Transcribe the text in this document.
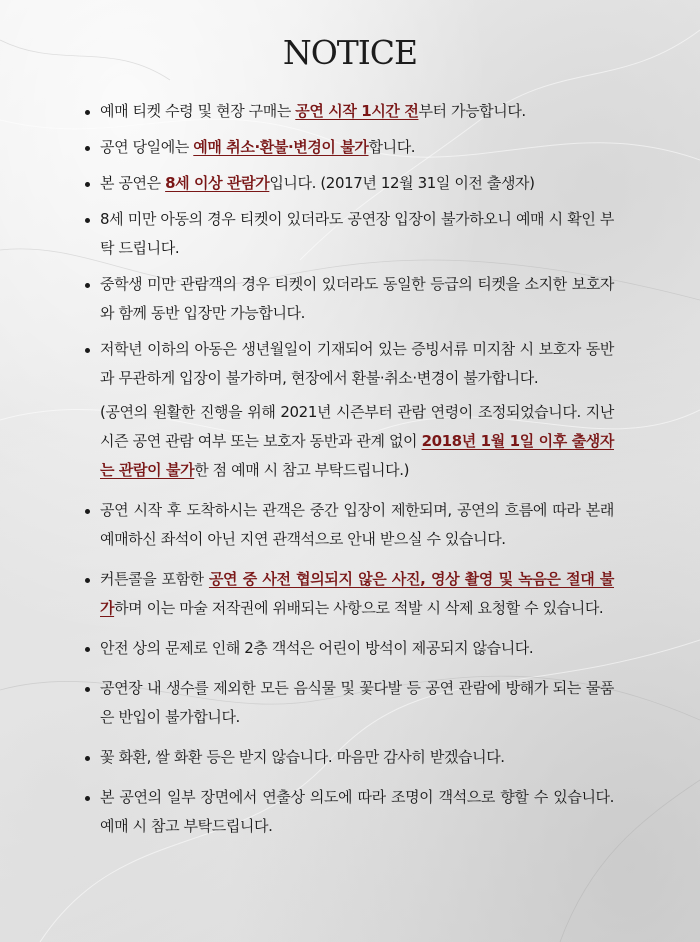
NOTICE
예매 티켓 수령 및 현장 구매는 공연 시작 1시간 전부터 가능합니다.
공연 당일에는 예매 취소·환불·변경이 불가합니다.
본 공연은 8세 이상 관람가입니다. (2017년 12월 31일 이전 출생자)
8세 미만 아동의 경우 티켓이 있더라도 공연장 입장이 불가하오니 예매 시 확인 부탁 드립니다.
중학생 미만 관람객의 경우 티켓이 있더라도 동일한 등급의 티켓을 소지한 보호자와 함께 동반 입장만 가능합니다.
저학년 이하의 아동은 생년월일이 기재되어 있는 증빙서류 미지참 시 보호자 동반과 무관하게 입장이 불가하며, 현장에서 환불·취소·변경이 불가합니다.
(공연의 원활한 진행을 위해 2021년 시즌부터 관람 연령이 조정되었습니다. 지난 시즌 공연 관람 여부 또는 보호자 동반과 관계 없이 2018년 1월 1일 이후 출생자는 관람이 불가한 점 예매 시 참고 부탁드립니다.)
공연 시작 후 도착하시는 관객은 중간 입장이 제한되며, 공연의 흐름에 따라 본래 예매하신 좌석이 아닌 지연 관객석으로 안내 받으실 수 있습니다.
커튼콜을 포함한 공연 중 사전 협의되지 않은 사진, 영상 촬영 및 녹음은 절대 불가하며 이는 마술 저작권에 위배되는 사항으로 적발 시 삭제 요청할 수 있습니다.
안전 상의 문제로 인해 2층 객석은 어린이 방석이 제공되지 않습니다.
공연장 내 생수를 제외한 모든 음식물 및 꽃다발 등 공연 관람에 방해가 되는 물품은 반입이 불가합니다.
꽃 화환, 쌀 화환 등은 받지 않습니다. 마음만 감사히 받겠습니다.
본 공연의 일부 장면에서 연출상 의도에 따라 조명이 객석으로 향할 수 있습니다. 예매 시 참고 부탁드립니다.
